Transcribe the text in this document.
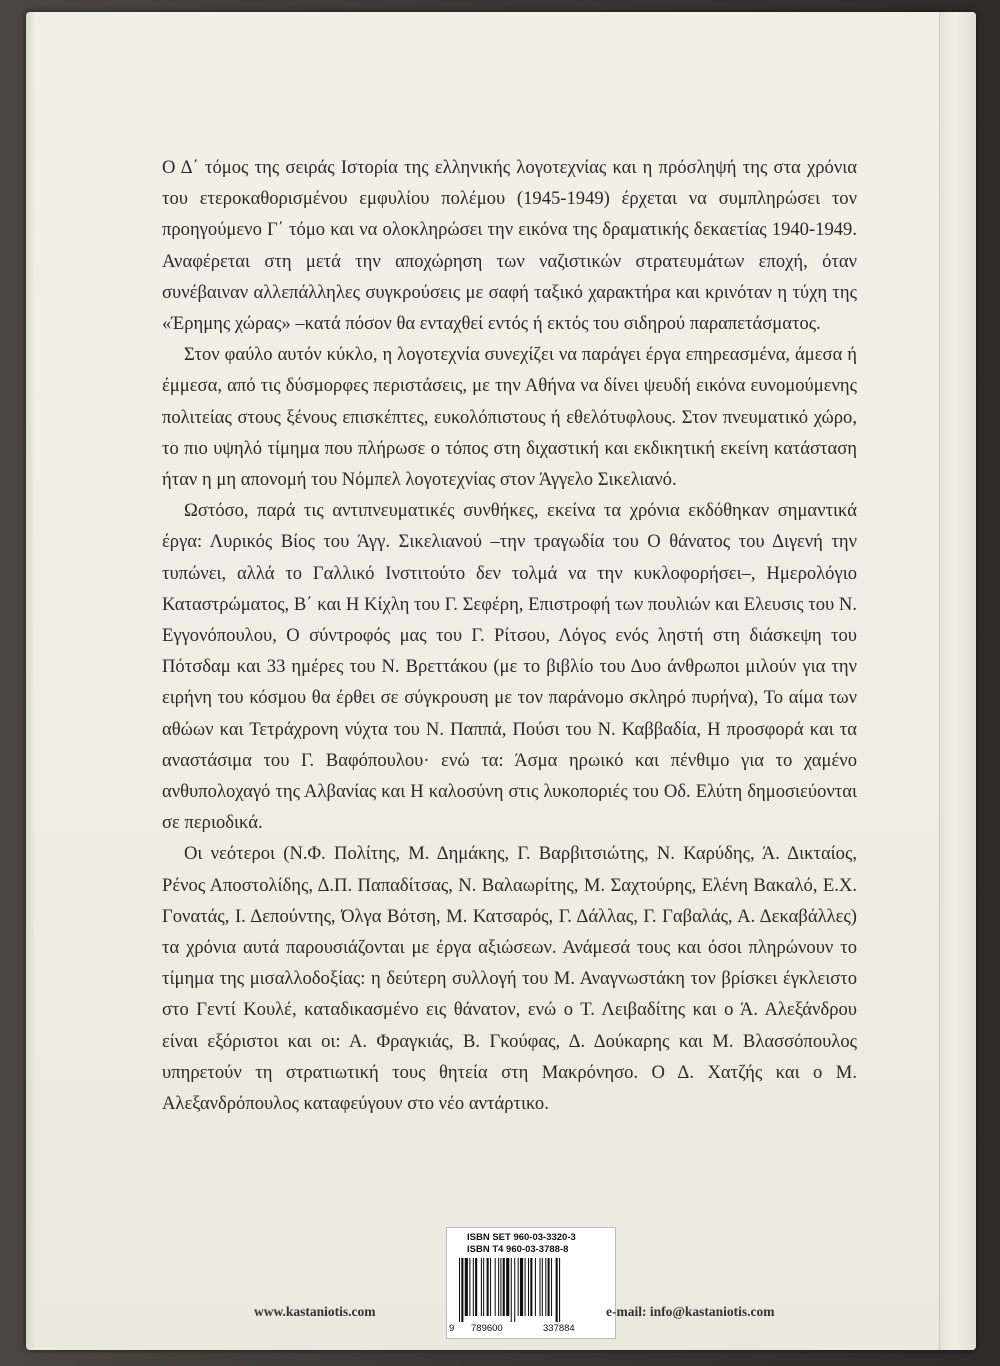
Ο Δ΄ τόμος της σειράς Ιστορία της ελληνικής λογοτεχνίας και η πρόσληψή της στα χρόνια του ετεροκαθορισμένου εμφυλίου πολέμου (1945-1949) έρχεται να συμπληρώσει τον προηγούμενο Γ΄ τόμο και να ολοκληρώσει την εικόνα της δραματικής δεκαετίας 1940-1949. Αναφέρεται στη μετά την αποχώρηση των ναζιστικών στρατευμάτων εποχή, όταν συνέβαιναν αλλεπάλληλες συγκρούσεις με σαφή ταξικό χαρακτήρα και κρινόταν η τύχη της «Έρημης χώρας» –κατά πόσον θα ενταχθεί εντός ή εκτός του σιδηρού παραπετάσματος.

Στον φαύλο αυτόν κύκλο, η λογοτεχνία συνεχίζει να παράγει έργα επηρεασμένα, άμεσα ή έμμεσα, από τις δύσμορφες περιστάσεις, με την Αθήνα να δίνει ψευδή εικόνα ευνομούμενης πολιτείας στους ξένους επισκέπτες, ευκολόπιστους ή εθελότυφλους. Στον πνευματικό χώρο, το πιο υψηλό τίμημα που πλήρωσε ο τόπος στη διχαστική και εκδικητική εκείνη κατάσταση ήταν η μη απονομή του Νόμπελ λογοτεχνίας στον Άγγελο Σικελιανό.

Ωστόσο, παρά τις αντιπνευματικές συνθήκες, εκείνα τα χρόνια εκδόθηκαν σημαντικά έργα: Λυρικός Βίος του Άγγ. Σικελιανού –την τραγωδία του Ο θάνατος του Διγενή την τυπώνει, αλλά το Γαλλικό Ινστιτούτο δεν τολμά να την κυκλοφορήσει–, Ημερολόγιο Καταστρώματος, Β΄ και Η Κίχλη του Γ. Σεφέρη, Επιστροφή των πουλιών και Ελευσις του Ν. Εγγονόπουλου, Ο σύντροφός μας του Γ. Ρίτσου, Λόγος ενός ληστή στη διάσκεψη του Πότσδαμ και 33 ημέρες του Ν. Βρεττάκου (με το βιβλίο του Δυο άνθρωποι μιλούν για την ειρήνη του κόσμου θα έρθει σε σύγκρουση με τον παράνομο σκληρό πυρήνα), Το αίμα των αθώων και Τετράχρονη νύχτα του Ν. Παππά, Πούσι του Ν. Καββαδία, Η προσφορά και τα αναστάσιμα του Γ. Βαφόπουλου· ενώ τα: Άσμα ηρωικό και πένθιμο για το χαμένο ανθυπολοχαγό της Αλβανίας και Η καλοσύνη στις λυκοποριές του Οδ. Ελύτη δημοσιεύονται σε περιοδικά.

Οι νεότεροι (Ν.Φ. Πολίτης, Μ. Δημάκης, Γ. Βαρβιτσιώτης, Ν. Καρύδης, Ά. Δικταίος, Ρένος Αποστολίδης, Δ.Π. Παπαδίτσας, Ν. Βαλαωρίτης, Μ. Σαχτούρης, Ελένη Βακαλό, Ε.Χ. Γονατάς, Ι. Δεπούντης, Όλγα Βότση, Μ. Κατσαρός, Γ. Δάλλας, Γ. Γαβαλάς, Α. Δεκαβάλλες) τα χρόνια αυτά παρουσιάζονται με έργα αξιώσεων. Ανάμεσά τους και όσοι πληρώνουν το τίμημα της μισαλλοδοξίας: η δεύτερη συλλογή του Μ. Αναγνωστάκη τον βρίσκει έγκλειστο στο Γεντί Κουλέ, καταδικασμένο εις θάνατον, ενώ ο Τ. Λειβαδίτης και ο Ά. Αλεξάνδρου είναι εξόριστοι και οι: Α. Φραγκιάς, Β. Γκούφας, Δ. Δούκαρης και Μ. Βλασσόπουλος υπηρετούν τη στρατιωτική τους θητεία στη Μακρόνησο. Ο Δ. Χατζής και ο Μ. Αλεξανδρόπουλος καταφεύγουν στο νέο αντάρτικο.

ISBN SET 960-03-3320-3
ISBN T4 960-03-3788-8
9 789600	337884
www.kastaniotis.com	e-mail: info@kastaniotis.com
